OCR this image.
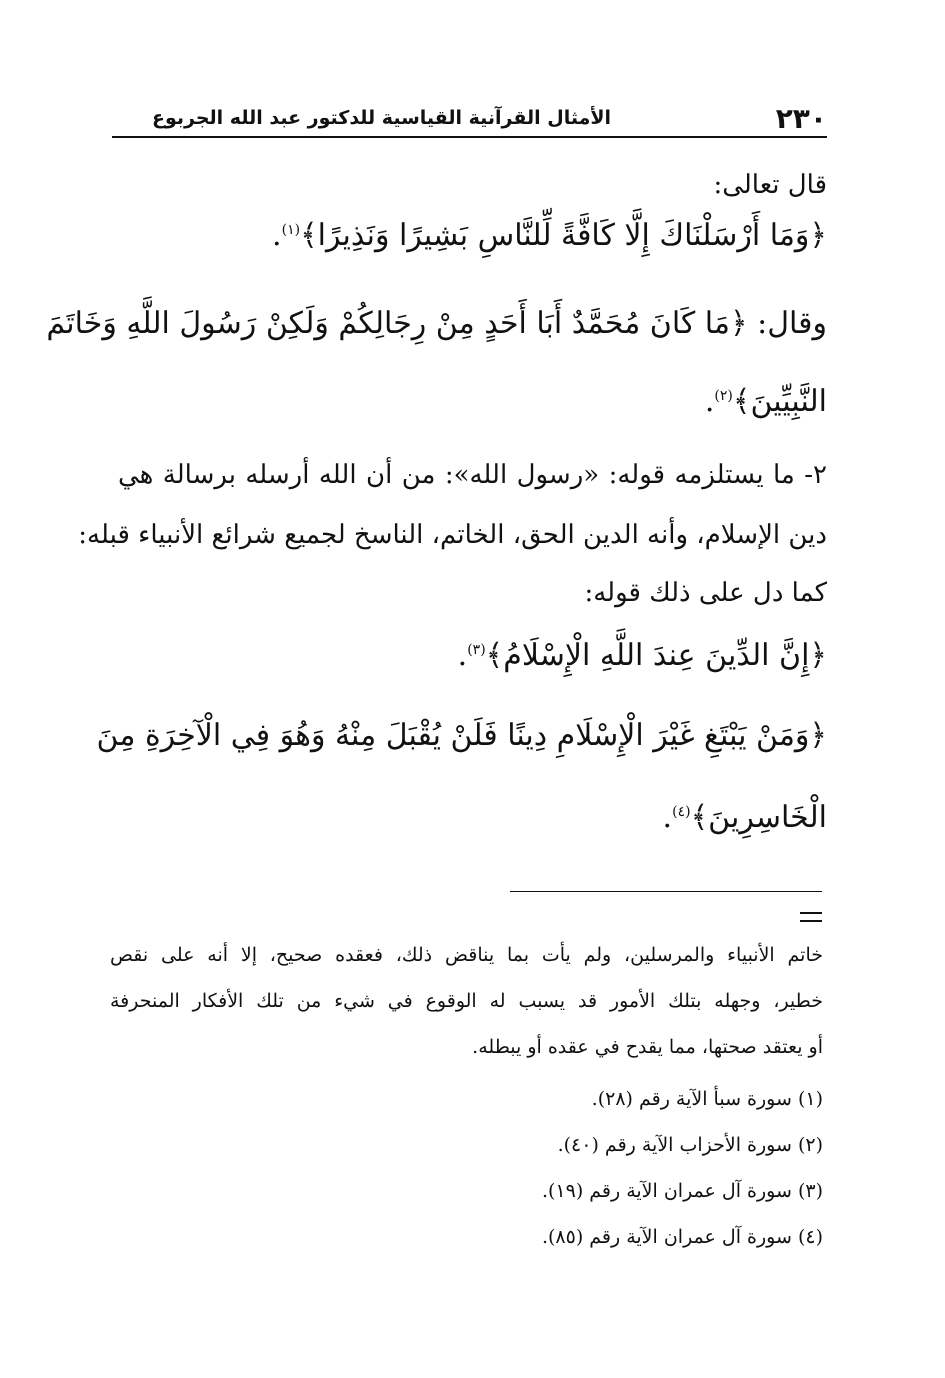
٢٣٠
الأمثال القرآنية القياسية للدكتور عبد الله الجربوع
قال تعالى:
﴿وَمَا أَرْسَلْنَاكَ إِلَّا كَافَّةً لِّلنَّاسِ بَشِيرًا وَنَذِيرًا﴾$^{(١)}$.
وقال: ﴿مَا كَانَ مُحَمَّدٌ أَبَا أَحَدٍ مِنْ رِجَالِكُمْ وَلَكِنْ رَسُولَ اللَّهِ وَخَاتَمَ
النَّبِيِّينَ﴾$^{(٢)}$.
٢- ما يستلزمه قوله: «رسول الله»: من أن الله أرسله برسالة هي
دين الإسلام، وأنه الدين الحق، الخاتم، الناسخ لجميع شرائع الأنبياء قبله:
كما دل على ذلك قوله:
﴿إِنَّ الدِّينَ عِندَ اللَّهِ الْإِسْلَامُ﴾$^{(٣)}$.
﴿وَمَنْ يَبْتَغِ غَيْرَ الْإِسْلَامِ دِينًا فَلَنْ يُقْبَلَ مِنْهُ وَهُوَ فِي الْآخِرَةِ مِنَ
الْخَاسِرِينَ﴾$^{(٤)}$.
خاتم الأنبياء والمرسلين، ولم يأت بما يناقض ذلك، فعقده صحيح، إلا أنه على نقص
خطير، وجهله بتلك الأمور قد يسبب له الوقوع في شيء من تلك الأفكار المنحرفة
أو يعتقد صحتها، مما يقدح في عقده أو يبطله.
(١) سورة سبأ الآية رقم (٢٨).
(٢) سورة الأحزاب الآية رقم (٤٠).
(٣) سورة آل عمران الآية رقم (١٩).
(٤) سورة آل عمران الآية رقم (٨٥).
